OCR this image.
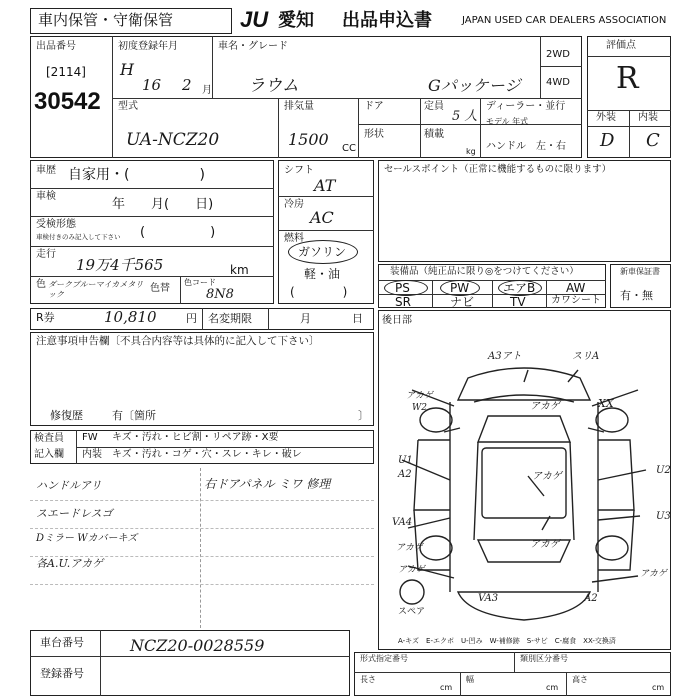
車内保管・守衛保管	JU 愛知 出品申込書	JAPAN USED CAR DEALERS ASSOCIATION
出品番号
[2114]
30542
初度登録年月
H
16 2 月
車名・グレード
ラウム	Gパッケージ
2WD
4WD
評価点
R
外装 内装
D C
型式
UA-NCZ20
排気量
1500 CC
ドア
形状
定員
5 人
積載
kg
ディーラー・並行
モデル 年式
ハンドル　左・右
車歴 自家用・(　　　　　)
車検
年　　月(　　日)
受検形態
車検付きのみ記入して下さい (　　　　　)
走行
19万4千565	km
色 ダークブルーマイカメタリック
色替
色コード
8N8
シフト
AT
冷房
AC
燃料
ガソリン
軽・油
(　　　　)
セールスポイント（正常に機能するものに限ります）
装備品（純正品に限り◎をつけてください）
PS	PW	エアB	AW
SR	ナビ	TV	カワシート
新車保証書
有・無
R券	10,810	円 名変期限	月	日
注意事項申告欄〔不具合内容等は具体的に記入して下さい〕
修復歴	有〔箇所	〕
後日部
検査員
記入欄
FW キズ・汚れ・ヒビ割・リペア跡・X要
内装 キズ・汚れ・コゲ・穴・スレ・キレ・破レ
ハンドルアリ	右ドアパネル ミワ 修理
スエードレスゴ
Dミラー Wカバーキズ
各A.U.アカゲ
A3アト	スリA
アカゲ	XX
アカゲ
W2
アカゲ
U1
A2	U2
VA4
U3
アカゲ
アカゲ
アカゲ	アカゲ
VA3	A2
スペア
A-キズ　E-エクボ　U-凹み　W-補修跡　S-サビ　C-腐食　XX-交換済
車台番号	NCZ20-0028559
登録番号
形式指定番号	類別区分番号
長さ
cm
幅
cm
高さ
cm
